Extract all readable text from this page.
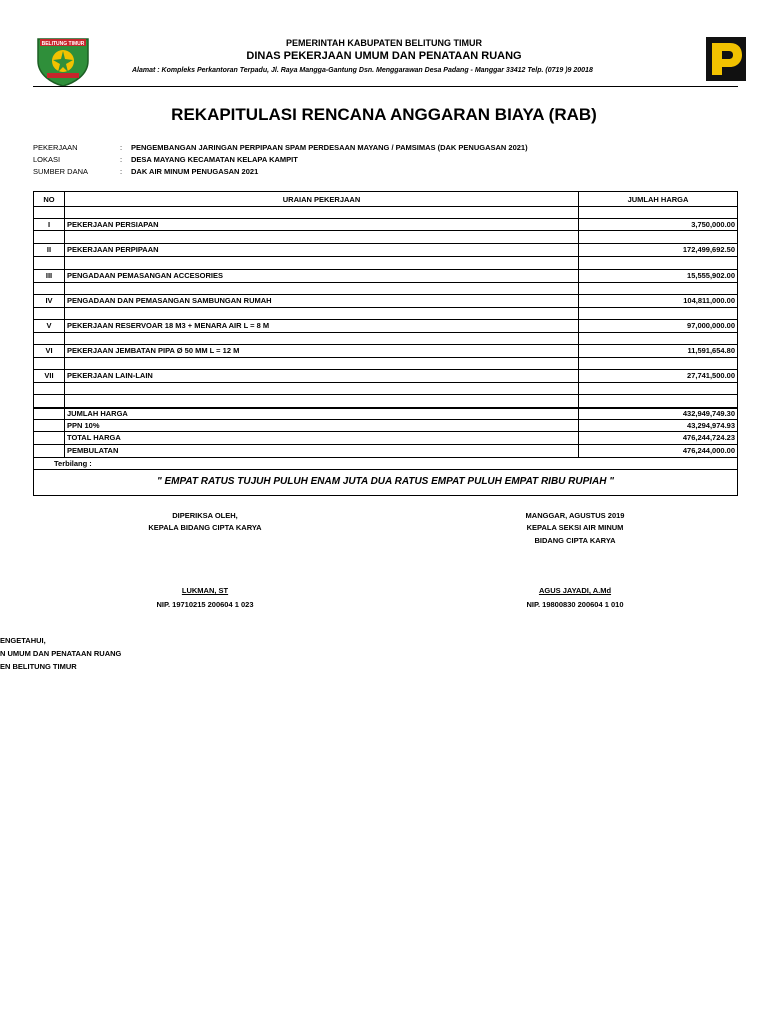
BELITUNG TIMUR	PEMERINTAH KABUPATEN BELITUNG TIMUR
DINAS PEKERJAAN UMUM DAN PENATAAN RUANG
Alamat : Kompleks Perkantoran Terpadu, Jl. Raya Mangga-Gantung Dsn. Menggarawan Desa Padang - Manggar 33412 Telp. (0719 )9 20018
REKAPITULASI RENCANA ANGGARAN BIAYA (RAB)
PEKERJAAN	: PENGEMBANGAN JARINGAN PERPIPAAN SPAM PERDESAAN MAYANG / PAMSIMAS (DAK PENUGASAN 2021)
LOKASI	: DESA MAYANG KECAMATAN KELAPA KAMPIT
SUMBER DANA	: DAK AIR MINUM PENUGASAN 2021
NO	URAIAN PEKERJAAN	JUMLAH HARGA
I	PEKERJAAN PERSIAPAN	3,750,000.00
II	PEKERJAAN PERPIPAAN	172,499,692.50
III	PENGADAAN PEMASANGAN ACCESORIES	15,555,902.00
IV	PENGADAAN DAN PEMASANGAN SAMBUNGAN RUMAH	104,811,000.00
V	PEKERJAAN RESERVOAR 18 M3 + MENARA AIR L = 8 M	97,000,000.00
VI	PEKERJAAN JEMBATAN PIPA Ø 50 MM L = 12 M	11,591,654.80
VII	PEKERJAAN LAIN-LAIN	27,741,500.00
JUMLAH HARGA	432,949,749.30
PPN 10%	43,294,974.93
TOTAL HARGA	476,244,724.23
PEMBULATAN	476,244,000.00
Terbilang :
" EMPAT RATUS TUJUH PULUH ENAM JUTA DUA RATUS EMPAT PULUH EMPAT RIBU RUPIAH "
DIPERIKSA OLEH,
KEPALA BIDANG CIPTA KARYA
LUKMAN, ST
NIP. 19710215 200604 1 023
MANGGAR, AGUSTUS 2019
KEPALA SEKSI AIR MINUM
BIDANG CIPTA KARYA
AGUS JAYADI, A.Md
NIP. 19800830 200604 1 010
ENGETAHUI,
N UMUM DAN PENATAAN RUANG
EN BELITUNG TIMUR
